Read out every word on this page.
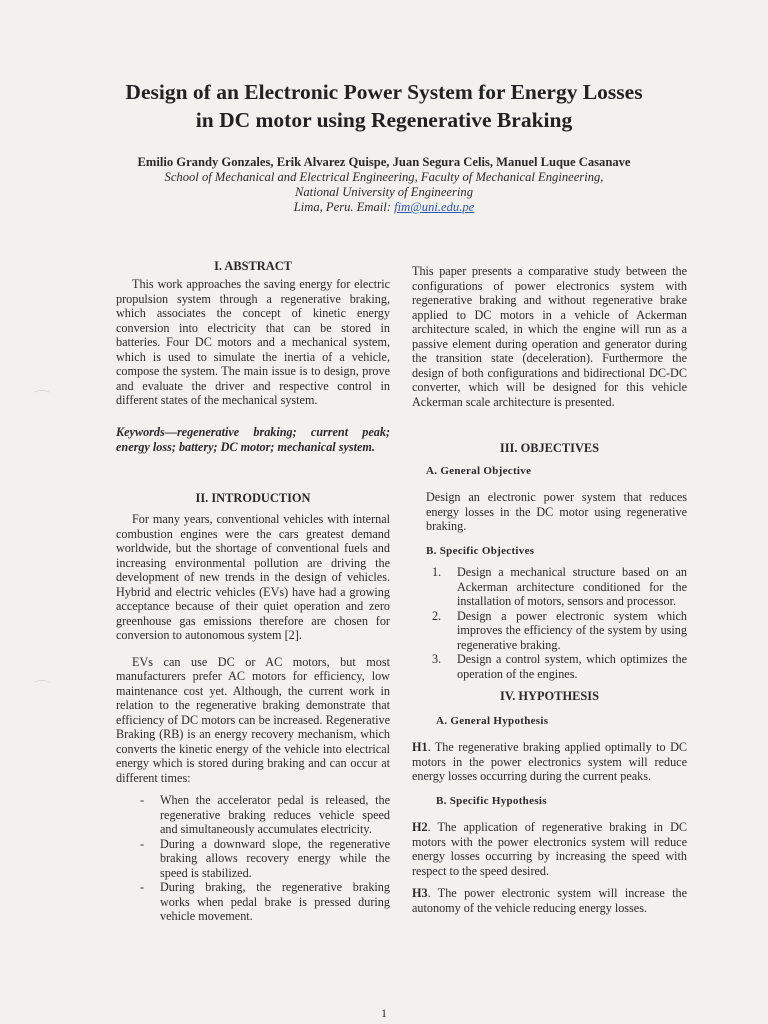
Design of an Electronic Power System for Energy Losses
in DC motor using Regenerative Braking
Emilio Grandy Gonzales, Erik Alvarez Quispe, Juan Segura Celis, Manuel Luque Casanave
School of Mechanical and Electrical Engineering, Faculty of Mechanical Engineering,
National University of Engineering
Lima, Peru. Email: fim@uni.edu.pe
I. ABSTRACT

This work approaches the saving energy for electric propulsion system through a regenerative braking, which associates the concept of kinetic energy conversion into electricity that can be stored in batteries. Four DC motors and a mechanical system, which is used to simulate the inertia of a vehicle, compose the system. The main issue is to design, prove and evaluate the driver and respective control in different states of the mechanical system.

Keywords—regenerative braking; current peak; energy loss; battery; DC motor; mechanical system.
II. INTRODUCTION

For many years, conventional vehicles with internal combustion engines were the cars greatest demand worldwide, but the shortage of conventional fuels and increasing environmental pollution are driving the development of new trends in the design of vehicles. Hybrid and electric vehicles (EVs) have had a growing acceptance because of their quiet operation and zero greenhouse gas emissions therefore are chosen for conversion to autonomous system [2].

EVs can use DC or AC motors, but most manufacturers prefer AC motors for efficiency, low maintenance cost yet. Although, the current work in relation to the regenerative braking demonstrate that efficiency of DC motors can be increased. Regenerative Braking (RB) is an energy recovery mechanism, which converts the kinetic energy of the vehicle into electrical energy which is stored during braking and can occur at different times:

- When the accelerator pedal is released, the regenerative braking reduces vehicle speed and simultaneously accumulates electricity.
- During a downward slope, the regenerative braking allows recovery energy while the speed is stabilized.
- During braking, the regenerative braking works when pedal brake is pressed during vehicle movement.
This paper presents a comparative study between the configurations of power electronics system with regenerative braking and without regenerative brake applied to DC motors in a vehicle of Ackerman architecture scaled, in which the engine will run as a passive element during operation and generator during the transition state (deceleration). Furthermore the design of both configurations and bidirectional DC-DC converter, which will be designed for this vehicle Ackerman scale architecture is presented.
III. OBJECTIVES
A. General Objective
Design an electronic power system that reduces energy losses in the DC motor using regenerative braking.
B. Specific Objectives
1. Design a mechanical structure based on an Ackerman architecture conditioned for the installation of motors, sensors and processor.
2. Design a power electronic system which improves the efficiency of the system by using regenerative braking.
3. Design a control system, which optimizes the operation of the engines.
IV. HYPOTHESIS
A. General Hypothesis
H1. The regenerative braking applied optimally to DC motors in the power electronics system will reduce energy losses occurring during the current peaks.
B. Specific Hypothesis
H2. The application of regenerative braking in DC motors with the power electronics system will reduce energy losses occurring by increasing the speed with respect to the speed desired.
H3. The power electronic system will increase the autonomy of the vehicle reducing energy losses.
1
